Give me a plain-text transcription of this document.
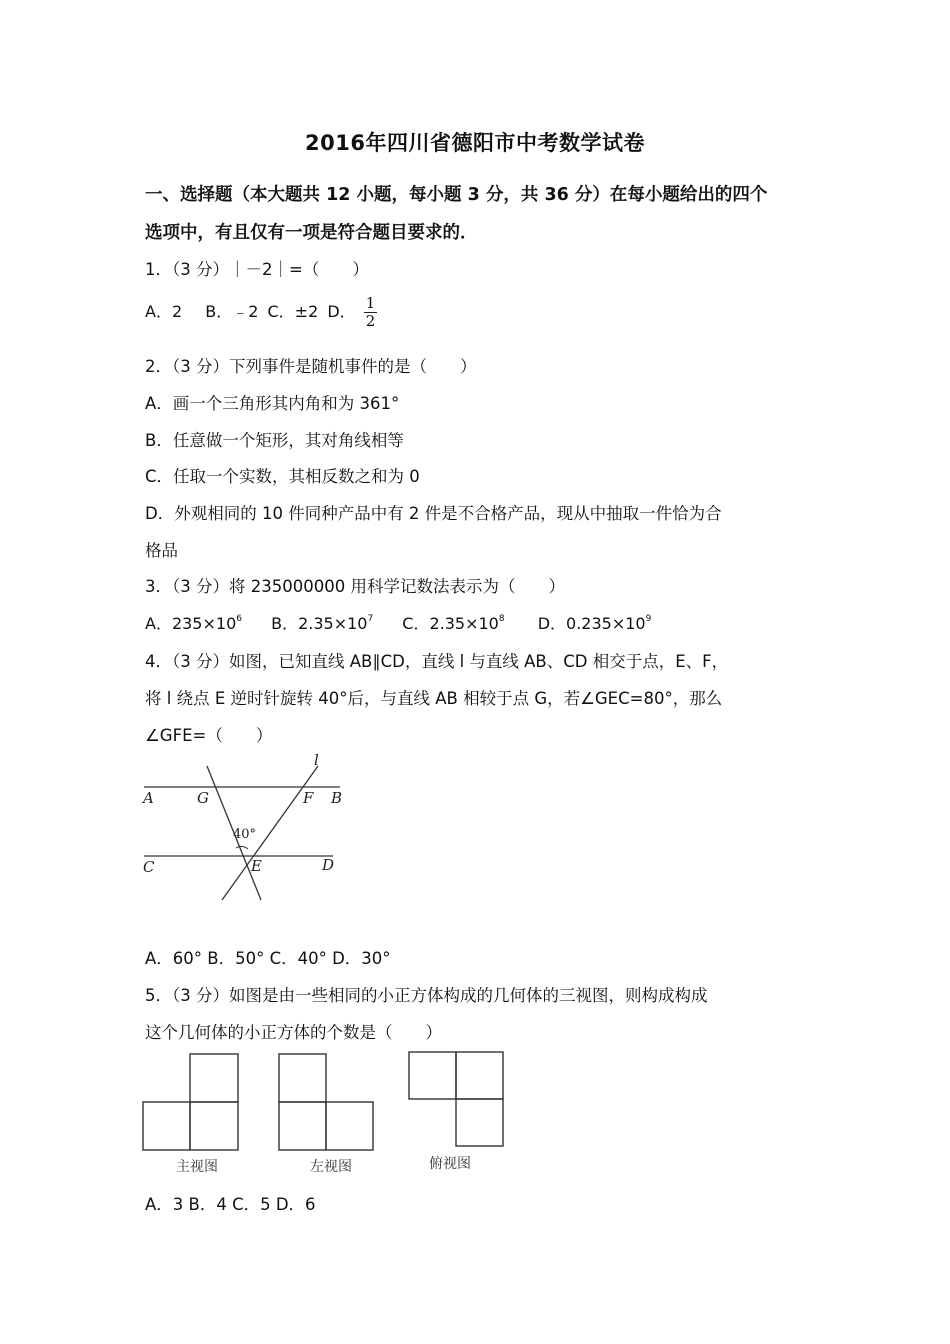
2016年四川省德阳市中考数学试卷
一、选择题（本大题共 12 小题，每小题 3 分，共 36 分）在每小题给出的四个
选项中，有且仅有一项是符合题目要求的．
1．（3 分）｜－2｜=（　　）
A．2 B．﹣2 C．±2 D． $\frac{1}{2}$
2．（3 分）下列事件是随机事件的是（　　）
A．画一个三角形其内角和为 361°
B．任意做一个矩形，其对角线相等
C．任取一个实数，其相反数之和为 0
D．外观相同的 10 件同种产品中有 2 件是不合格产品，现从中抽取一件恰为合
格品
3．（3 分）将 235000000 用科学记数法表示为（　　）
A．$235\times 10^6$ B．$2.35\times 10^7$ C．$2.35\times 10^8$ D．$0.235\times 10^9$
4．（3 分）如图，已知直线 AB∥CD，直线 l 与直线 AB、CD 相交于点，E、F，
将 l 绕点 E 逆时针旋转 40°后，与直线 AB 相较于点 G，若∠GEC=80°，那么
∠GFE=（　　）
l
A	G	F B
C	E	D
40°
A．60° B．50° C．40° D．30°
5．（3 分）如图是由一些相同的小正方体构成的几何体的三视图，则构成构成
这个几何体的小正方体的个数是（　　）
主视图	左视图	俯视图
A．3 B．4 C．5 D．6
